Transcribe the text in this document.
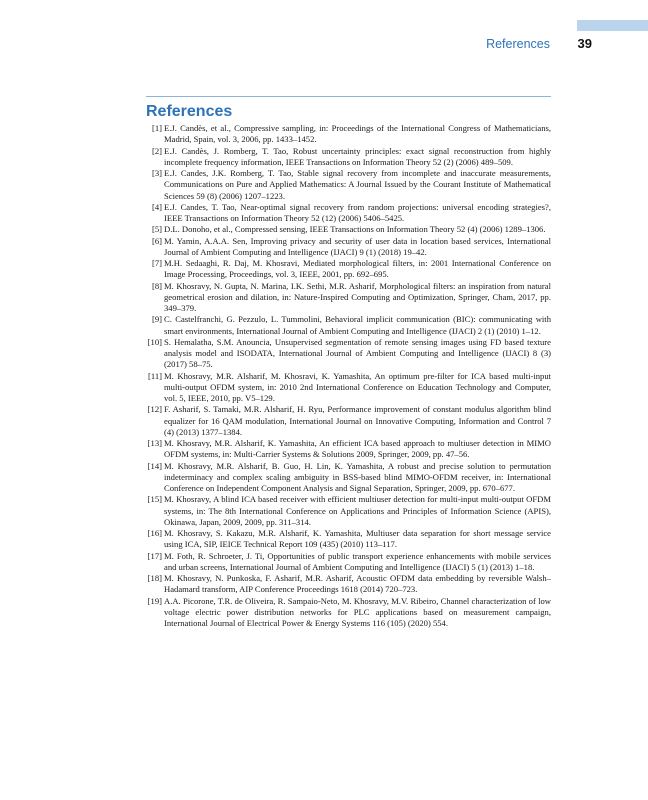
References 39
References
[1] E.J. Candès, et al., Compressive sampling, in: Proceedings of the International Congress of Mathematicians, Madrid, Spain, vol. 3, 2006, pp. 1433–1452.
[2] E.J. Candès, J. Romberg, T. Tao, Robust uncertainty principles: exact signal reconstruction from highly incomplete frequency information, IEEE Transactions on Information Theory 52 (2) (2006) 489–509.
[3] E.J. Candes, J.K. Romberg, T. Tao, Stable signal recovery from incomplete and inaccurate measurements, Communications on Pure and Applied Mathematics: A Journal Issued by the Courant Institute of Mathematical Sciences 59 (8) (2006) 1207–1223.
[4] E.J. Candes, T. Tao, Near-optimal signal recovery from random projections: universal encoding strategies?, IEEE Transactions on Information Theory 52 (12) (2006) 5406–5425.
[5] D.L. Donoho, et al., Compressed sensing, IEEE Transactions on Information Theory 52 (4) (2006) 1289–1306.
[6] M. Yamin, A.A.A. Sen, Improving privacy and security of user data in location based services, International Journal of Ambient Computing and Intelligence (IJACI) 9 (1) (2018) 19–42.
[7] M.H. Sedaaghi, R. Daj, M. Khosravi, Mediated morphological filters, in: 2001 International Conference on Image Processing, Proceedings, vol. 3, IEEE, 2001, pp. 692–695.
[8] M. Khosravy, N. Gupta, N. Marina, I.K. Sethi, M.R. Asharif, Morphological filters: an inspiration from natural geometrical erosion and dilation, in: Nature-Inspired Computing and Optimization, Springer, Cham, 2017, pp. 349–379.
[9] C. Castelfranchi, G. Pezzulo, L. Tummolini, Behavioral implicit communication (BIC): communicating with smart environments, International Journal of Ambient Computing and Intelligence (IJACI) 2 (1) (2010) 1–12.
[10] S. Hemalatha, S.M. Anouncia, Unsupervised segmentation of remote sensing images using FD based texture analysis model and ISODATA, International Journal of Ambient Computing and Intelligence (IJACI) 8 (3) (2017) 58–75.
[11] M. Khosravy, M.R. Alsharif, M. Khosravi, K. Yamashita, An optimum pre-filter for ICA based multi-input multi-output OFDM system, in: 2010 2nd International Conference on Education Technology and Computer, vol. 5, IEEE, 2010, pp. V5–129.
[12] F. Asharif, S. Tamaki, M.R. Alsharif, H. Ryu, Performance improvement of constant modulus algorithm blind equalizer for 16 QAM modulation, International Journal on Innovative Computing, Information and Control 7 (4) (2013) 1377–1384.
[13] M. Khosravy, M.R. Alsharif, K. Yamashita, An efficient ICA based approach to multiuser detection in MIMO OFDM systems, in: Multi-Carrier Systems & Solutions 2009, Springer, 2009, pp. 47–56.
[14] M. Khosravy, M.R. Alsharif, B. Guo, H. Lin, K. Yamashita, A robust and precise solution to permutation indeterminacy and complex scaling ambiguity in BSS-based blind MIMO-OFDM receiver, in: International Conference on Independent Component Analysis and Signal Separation, Springer, 2009, pp. 670–677.
[15] M. Khosravy, A blind ICA based receiver with efficient multiuser detection for multi-input multi-output OFDM systems, in: The 8th International Conference on Applications and Principles of Information Science (APIS), Okinawa, Japan, 2009, 2009, pp. 311–314.
[16] M. Khosravy, S. Kakazu, M.R. Alsharif, K. Yamashita, Multiuser data separation for short message service using ICA, SIP, IEICE Technical Report 109 (435) (2010) 113–117.
[17] M. Foth, R. Schroeter, J. Ti, Opportunities of public transport experience enhancements with mobile services and urban screens, International Journal of Ambient Computing and Intelligence (IJACI) 5 (1) (2013) 1–18.
[18] M. Khosravy, N. Punkoska, F. Asharif, M.R. Asharif, Acoustic OFDM data embedding by reversible Walsh–Hadamard transform, AIP Conference Proceedings 1618 (2014) 720–723.
[19] A.A. Picorone, T.R. de Oliveira, R. Sampaio-Neto, M. Khosravy, M.V. Ribeiro, Channel characterization of low voltage electric power distribution networks for PLC applications based on measurement campaign, International Journal of Electrical Power & Energy Systems 116 (105) (2020) 554.
